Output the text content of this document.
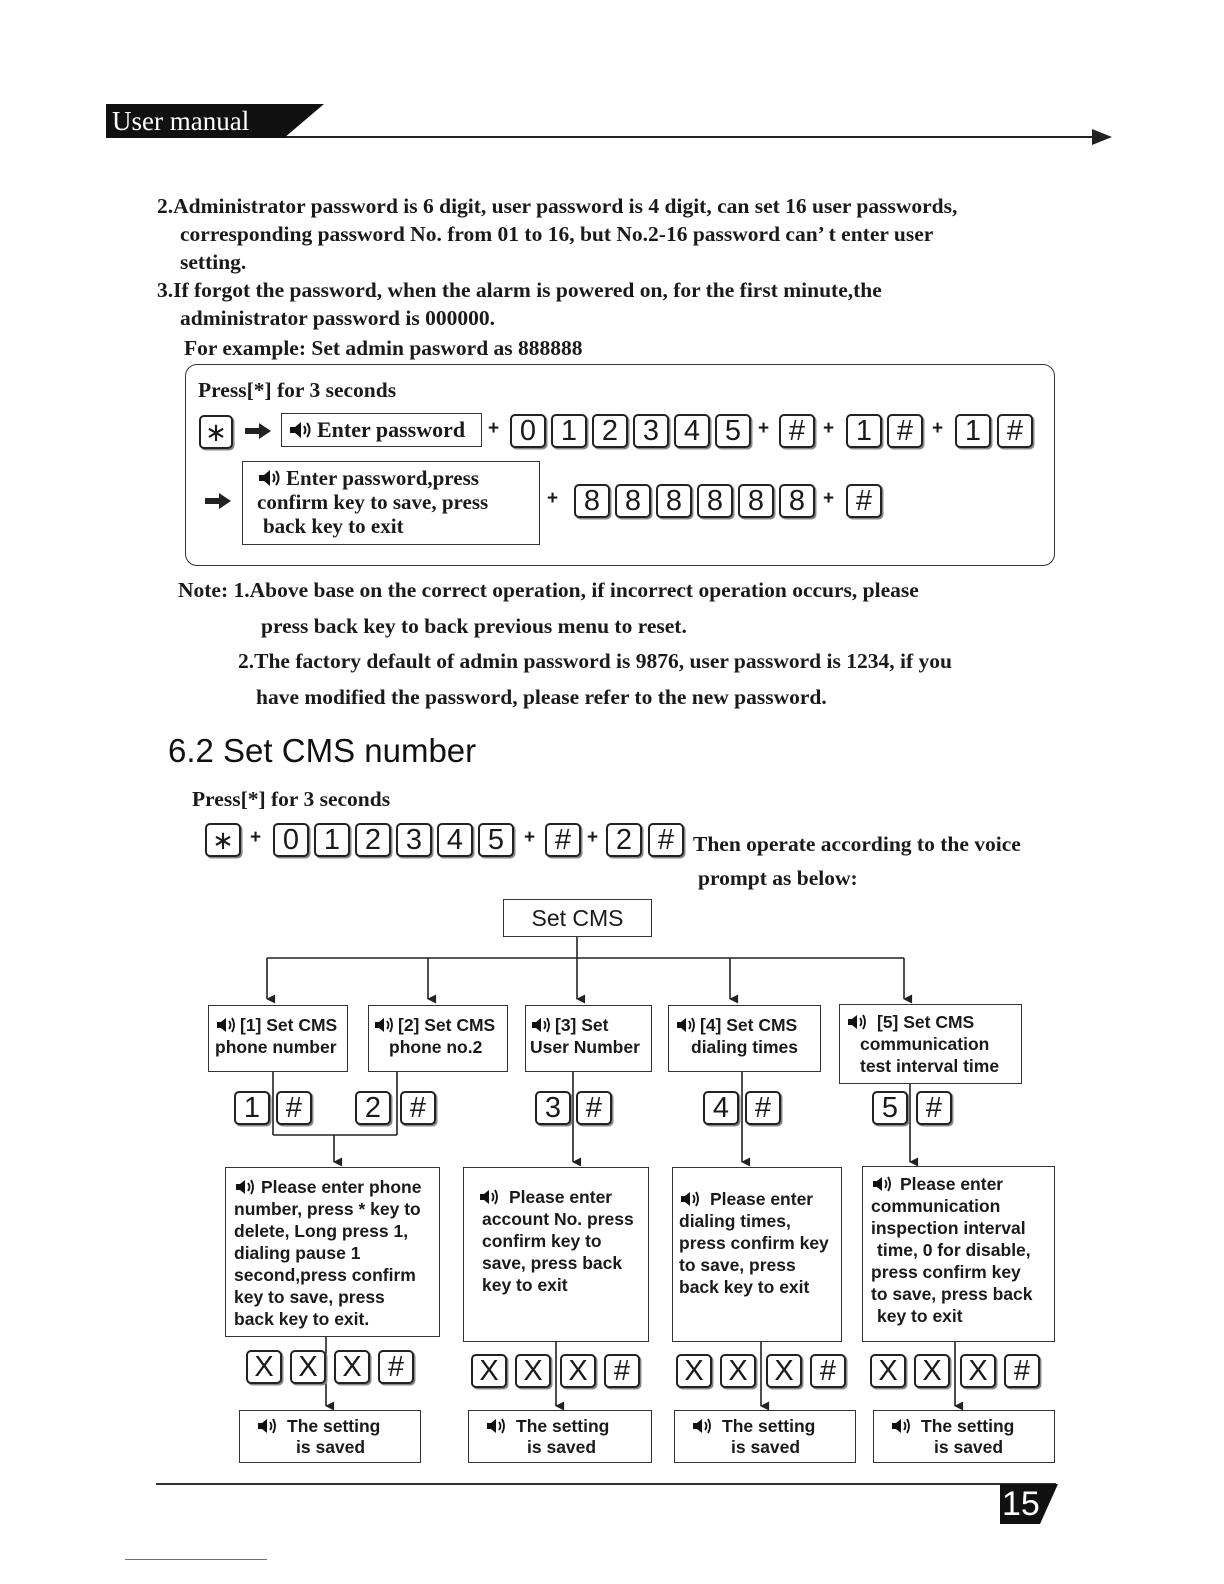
User manual
2.Administrator password is 6 digit, user password is 4 digit, can set 16 user passwords,
corresponding password No. from 01 to 16, but No.2-16 password can’ t enter user
setting.
3.If forgot the password, when the alarm is powered on, for the first minute,the
administrator password is 000000.
For example: Set admin pasword as 888888
Press[*] for 3 seconds
∗	Enter password	+ 0 1 2 3 4 5 + # + 1 # + 1 #
Enter password,press
confirm key to save, press
back key to exit
+ 8 8 8 8 8 8 + #
Note: 1.Above base on the correct operation, if incorrect operation occurs, please
press back key to back previous menu to reset.
2.The factory default of admin password is 9876, user password is 1234, if you
have modified the password, please refer to the new password.
6.2 Set CMS number
Press[*] for 3 seconds
∗ + 0 1 2 3 4 5	+ # + 2 # Then operate according to the voice
prompt as below:
Set CMS
[1] Set CMS
phone number
[2] Set CMS
phone no.2
[3] Set
User Number
[4] Set CMS
dialing times
[5] Set CMS
communication
test interval time
1 #	2 #	3 #	4 #	5 #
Please enter phone
number, press * key to
delete, Long press 1,
dialing pause 1
second,press confirm
key to save, press
back key to exit.
Please enter
account No. press
confirm key to
save, press back
key to exit
Please enter
dialing times,
press confirm key
to save, press
back key to exit
Please enter
communication
inspection interval
time, 0 for disable,
press confirm key
to save, press back
key to exit
X X X #	X X X #	X X X #	X X X #
The setting
is saved
The setting
is saved
The setting
is saved
The setting
is saved
15
